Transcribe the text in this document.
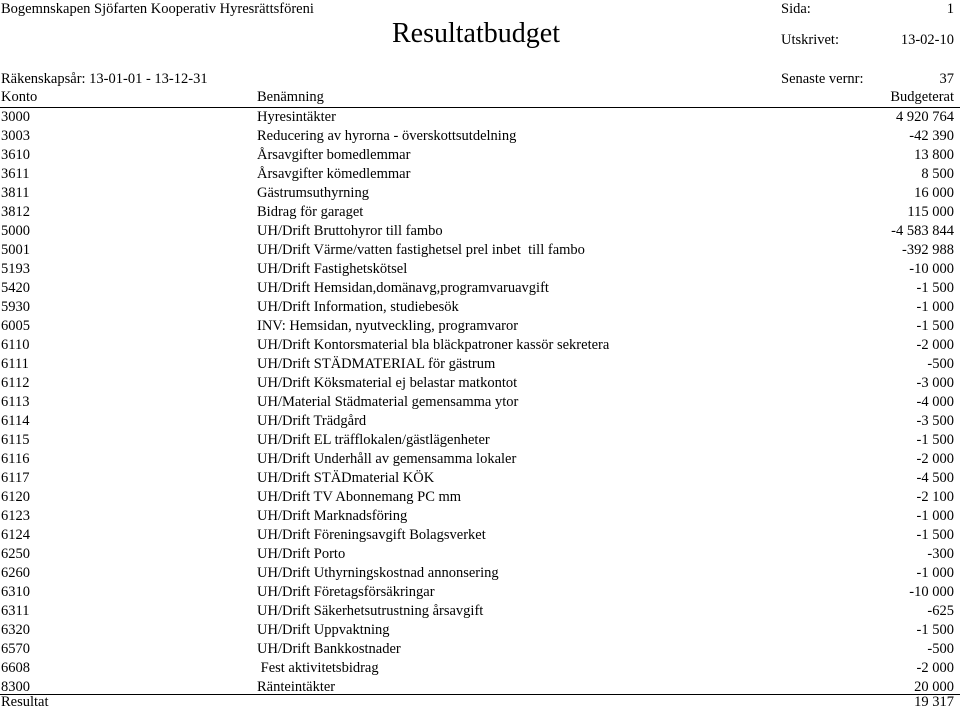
Bogemnskapen Sjöfarten Kooperativ Hyresrättsföreni	Sida:	1
Resultatbudget	Utskrivet:	13-02-10
Räkenskapsår: 13-01-01 - 13-12-31	Senaste vernr:	37
Konto	Benämning	Budgeterat
3000	Hyresintäkter	4 920 764
3003	Reducering av hyrorna - överskottsutdelning	-42 390
3610	Årsavgifter bomedlemmar	13 800
3611	Årsavgifter kömedlemmar	8 500
3811	Gästrumsuthyrning	16 000
3812	Bidrag för garaget	115 000
5000	UH/Drift Bruttohyror till fambo	-4 583 844
5001	UH/Drift Värme/vatten fastighetsel prel inbet  till fambo	-392 988
5193	UH/Drift Fastighetskötsel	-10 000
5420	UH/Drift Hemsidan,domänavg,programvaruavgift	-1 500
5930	UH/Drift Information, studiebesök	-1 000
6005	INV: Hemsidan, nyutveckling, programvaror	-1 500
6110	UH/Drift Kontorsmaterial bla bläckpatroner kassör sekretera	-2 000
6111	UH/Drift STÄDMATERIAL för gästrum	-500
6112	UH/Drift Köksmaterial ej belastar matkontot	-3 000
6113	UH/Material Städmaterial gemensamma ytor	-4 000
6114	UH/Drift Trädgård	-3 500
6115	UH/Drift EL träfflokalen/gästlägenheter	-1 500
6116	UH/Drift Underhåll av gemensamma lokaler	-2 000
6117	UH/Drift STÄDmaterial KÖK	-4 500
6120	UH/Drift TV Abonnemang PC mm	-2 100
6123	UH/Drift Marknadsföring	-1 000
6124	UH/Drift Föreningsavgift Bolagsverket	-1 500
6250	UH/Drift Porto	-300
6260	UH/Drift Uthyrningskostnad annonsering	-1 000
6310	UH/Drift Företagsförsäkringar	-10 000
6311	UH/Drift Säkerhetsutrustning årsavgift	-625
6320	UH/Drift Uppvaktning	-1 500
6570	UH/Drift Bankkostnader	-500
6608	Fest aktivitetsbidrag	-2 000
8300	Ränteintäkter	20 000
Resultat	19 317
